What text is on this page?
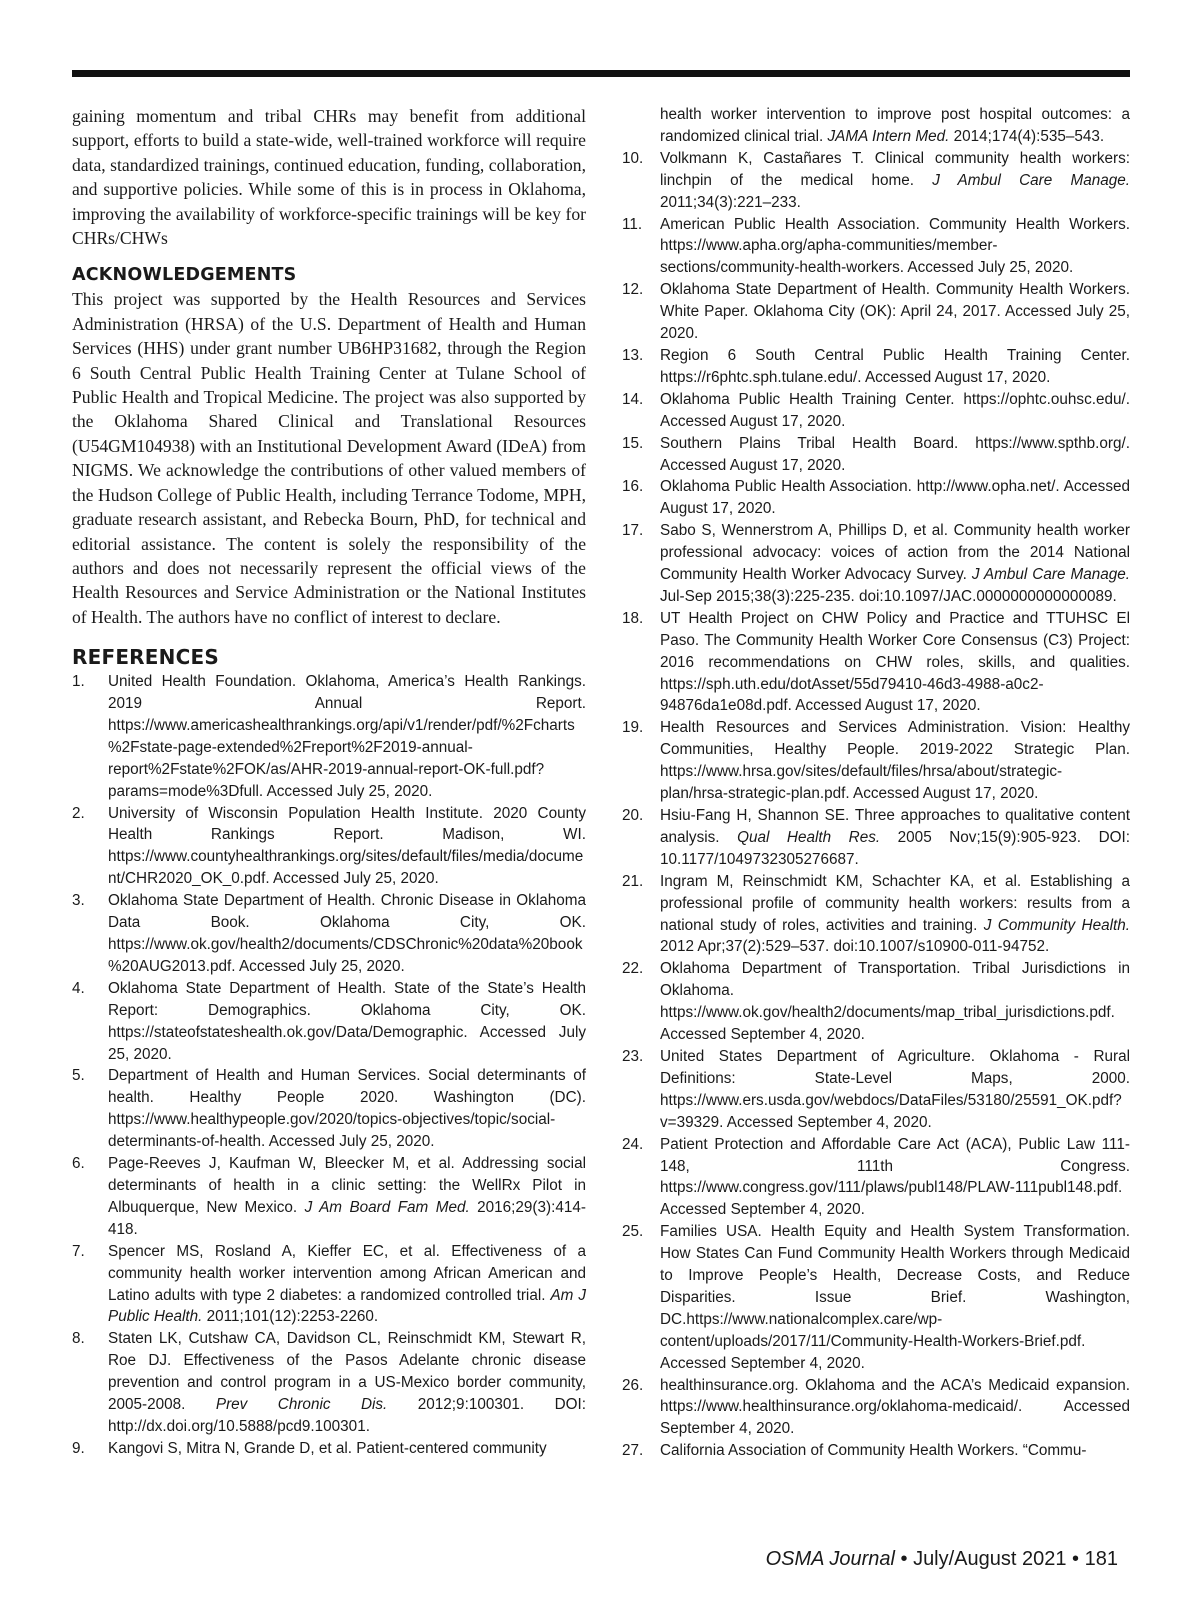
gaining momentum and tribal CHRs may benefit from additional support, efforts to build a state-wide, well-trained workforce will require data, standardized trainings, continued education, funding, collaboration, and supportive policies. While some of this is in process in Oklahoma, improving the availability of workforce-specific trainings will be key for CHRs/CHWs

ACKNOWLEDGEMENTS

This project was supported by the Health Resources and Services Administration (HRSA) of the U.S. Department of Health and Human Services (HHS) under grant number UB6HP31682, through the Region 6 South Central Public Health Training Center at Tulane School of Public Health and Tropical Medicine. The project was also supported by the Oklahoma Shared Clinical and Translational Resources (U54GM104938) with an Institutional Development Award (IDeA) from NIGMS. We acknowledge the contributions of other valued members of the Hudson College of Public Health, including Terrance Todome, MPH, graduate research assistant, and Rebecka Bourn, PhD, for technical and editorial assistance. The content is solely the responsibility of the authors and does not necessarily represent the official views of the Health Resources and Service Administration or the National Institutes of Health. The authors have no conflict of interest to declare.

REFERENCES
1.	United Health Foundation. Oklahoma, America’s Health Rankings. 2019 Annual Report. https://www.americashealthrankings.org/api/v1/render/pdf/%2Fcharts%2Fstate-page-extended%2Freport%2F2019-annual-report%2Fstate%2FOK/as/AHR-2019-annual-report-OK-full.pdf?params=mode%3Dfull. Accessed July 25, 2020.
2.	University of Wisconsin Population Health Institute. 2020 County Health Rankings Report. Madison, WI. https://www.countyhealthrankings.org/sites/default/files/media/document/CHR2020_OK_0.pdf. Accessed July 25, 2020.
3.	Oklahoma State Department of Health. Chronic Disease in Oklahoma Data Book. Oklahoma City, OK. https://www.ok.gov/health2/documents/CDSChronic%20data%20book%20AUG2013.pdf. Accessed July 25, 2020.
4.	Oklahoma State Department of Health. State of the State’s Health Report: Demographics. Oklahoma City, OK. https://stateofstateshealth.ok.gov/Data/Demographic. Accessed July 25, 2020.
5.	Department of Health and Human Services. Social determinants of health. Healthy People 2020. Washington (DC). https://www.healthypeople.gov/2020/topics-objectives/topic/social-determinants-of-health. Accessed July 25, 2020.
6.	Page-Reeves J, Kaufman W, Bleecker M, et al. Addressing social determinants of health in a clinic setting: the WellRx Pilot in Albuquerque, New Mexico. J Am Board Fam Med. 2016;29(3):414-418.
7.	Spencer MS, Rosland A, Kieffer EC, et al. Effectiveness of a community health worker intervention among African American and Latino adults with type 2 diabetes: a randomized controlled trial. Am J Public Health. 2011;101(12):2253-2260.
8.	Staten LK, Cutshaw CA, Davidson CL, Reinschmidt KM, Stewart R, Roe DJ. Effectiveness of the Pasos Adelante chronic disease prevention and control program in a US-Mexico border community, 2005-2008. Prev Chronic Dis. 2012;9:100301. DOI: http://dx.doi.org/10.5888/pcd9.100301.
9.	Kangovi S, Mitra N, Grande D, et al. Patient-centered community

health worker intervention to improve post hospital outcomes: a randomized clinical trial. JAMA Intern Med. 2014;174(4):535–543.

10.	Volkmann K, Castañares T. Clinical community health workers: linchpin of the medical home. J Ambul Care Manage. 2011;34(3):221–233.
11.	American Public Health Association. Community Health Workers. https://www.apha.org/apha-communities/member-sections/community-health-workers. Accessed July 25, 2020.
12.	Oklahoma State Department of Health. Community Health Workers. White Paper. Oklahoma City (OK): April 24, 2017. Accessed July 25, 2020.
13.	Region 6 South Central Public Health Training Center. https://r6phtc.sph.tulane.edu/. Accessed August 17, 2020.
14.	Oklahoma Public Health Training Center. https://ophtc.ouhsc.edu/. Accessed August 17, 2020.
15.	Southern Plains Tribal Health Board. https://www.spthb.org/. Accessed August 17, 2020.
16.	Oklahoma Public Health Association. http://www.opha.net/. Accessed August 17, 2020.
17.	Sabo S, Wennerstrom A, Phillips D, et al. Community health worker professional advocacy: voices of action from the 2014 National Community Health Worker Advocacy Survey. J Ambul Care Manage. Jul-Sep 2015;38(3):225-235. doi:10.1097/JAC.0000000000000089.
18.	UT Health Project on CHW Policy and Practice and TTUHSC El Paso. The Community Health Worker Core Consensus (C3) Project: 2016 recommendations on CHW roles, skills, and qualities. https://sph.uth.edu/dotAsset/55d79410-46d3-4988-a0c2-94876da1e08d.pdf. Accessed August 17, 2020.
19.	Health Resources and Services Administration. Vision: Healthy Communities, Healthy People. 2019-2022 Strategic Plan. https://www.hrsa.gov/sites/default/files/hrsa/about/strategic-plan/hrsa-strategic-plan.pdf. Accessed August 17, 2020.
20.	Hsiu-Fang H, Shannon SE. Three approaches to qualitative content analysis. Qual Health Res. 2005 Nov;15(9):905-923. DOI: 10.1177/1049732305276687.
21.	Ingram M, Reinschmidt KM, Schachter KA, et al. Establishing a professional profile of community health workers: results from a national study of roles, activities and training. J Community Health. 2012 Apr;37(2):529–537. doi:10.1007/s10900-011-94752.
22.	Oklahoma Department of Transportation. Tribal Jurisdictions in Oklahoma. https://www.ok.gov/health2/documents/map_tribal_jurisdictions.pdf. Accessed September 4, 2020.
23.	United States Department of Agriculture. Oklahoma - Rural Definitions: State-Level Maps, 2000. https://www.ers.usda.gov/webdocs/DataFiles/53180/25591_OK.pdf?v=39329. Accessed September 4, 2020.
24.	Patient Protection and Affordable Care Act (ACA), Public Law 111-148, 111th Congress. https://www.congress.gov/111/plaws/publ148/PLAW-111publ148.pdf. Accessed September 4, 2020.
25.	Families USA. Health Equity and Health System Transformation. How States Can Fund Community Health Workers through Medicaid to Improve People’s Health, Decrease Costs, and Reduce Disparities. Issue Brief. Washington, DC.https://www.nationalcomplex.care/wp-content/uploads/2017/11/Community-Health-Workers-Brief.pdf. Accessed September 4, 2020.
26.	healthinsurance.org. Oklahoma and the ACA’s Medicaid expansion. https://www.healthinsurance.org/oklahoma-medicaid/. Accessed September 4, 2020.
27.	California Association of Community Health Workers. “Commu-
OSMA Journal • July/August 2021 • 181
